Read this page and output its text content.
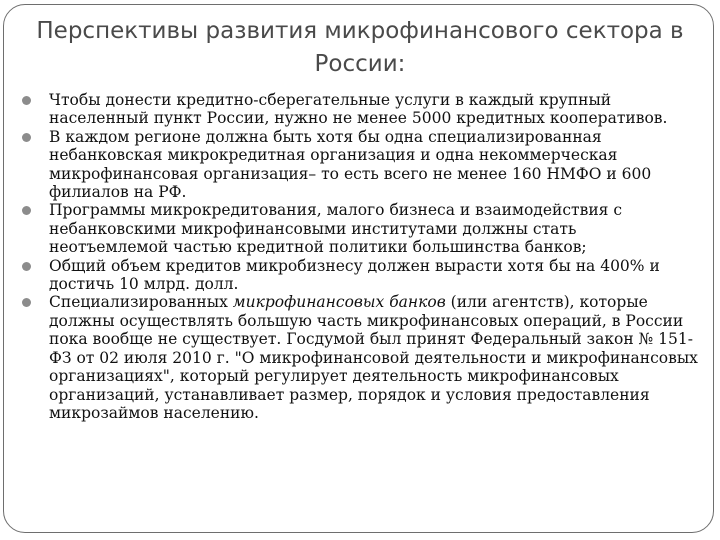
Перспективы развития микрофинансового сектора в России:
Чтобы донести кредитно-сберегательные услуги в каждый крупный населенный пункт России, нужно не менее 5000 кредитных кооперативов.
В каждом регионе должна быть хотя бы одна специализированная небанковская микрокредитная организация и одна некоммерческая микрофинансовая организация– то есть всего не менее 160 НМФО и 600 филиалов на РФ.
Программы микрокредитования, малого бизнеса и взаимодействия с небанковскими микрофинансовыми институтами должны стать неотъемлемой частью кредитной политики большинства банков;
Общий объем кредитов микробизнесу должен вырасти хотя бы на 400% и достичь 10 млрд. долл.
Специализированных микрофинансовых банков (или агентств), которые должны осуществлять большую часть микрофинансовых операций, в России пока вообще не существует. Госдумой был принят Федеральный закон № 151-ФЗ от 02 июля 2010 г. "О микрофинансовой деятельности и микрофинансовых организациях", который регулирует деятельность микрофинансовых организаций, устанавливает размер, порядок и условия предоставления микрозаймов населению.
